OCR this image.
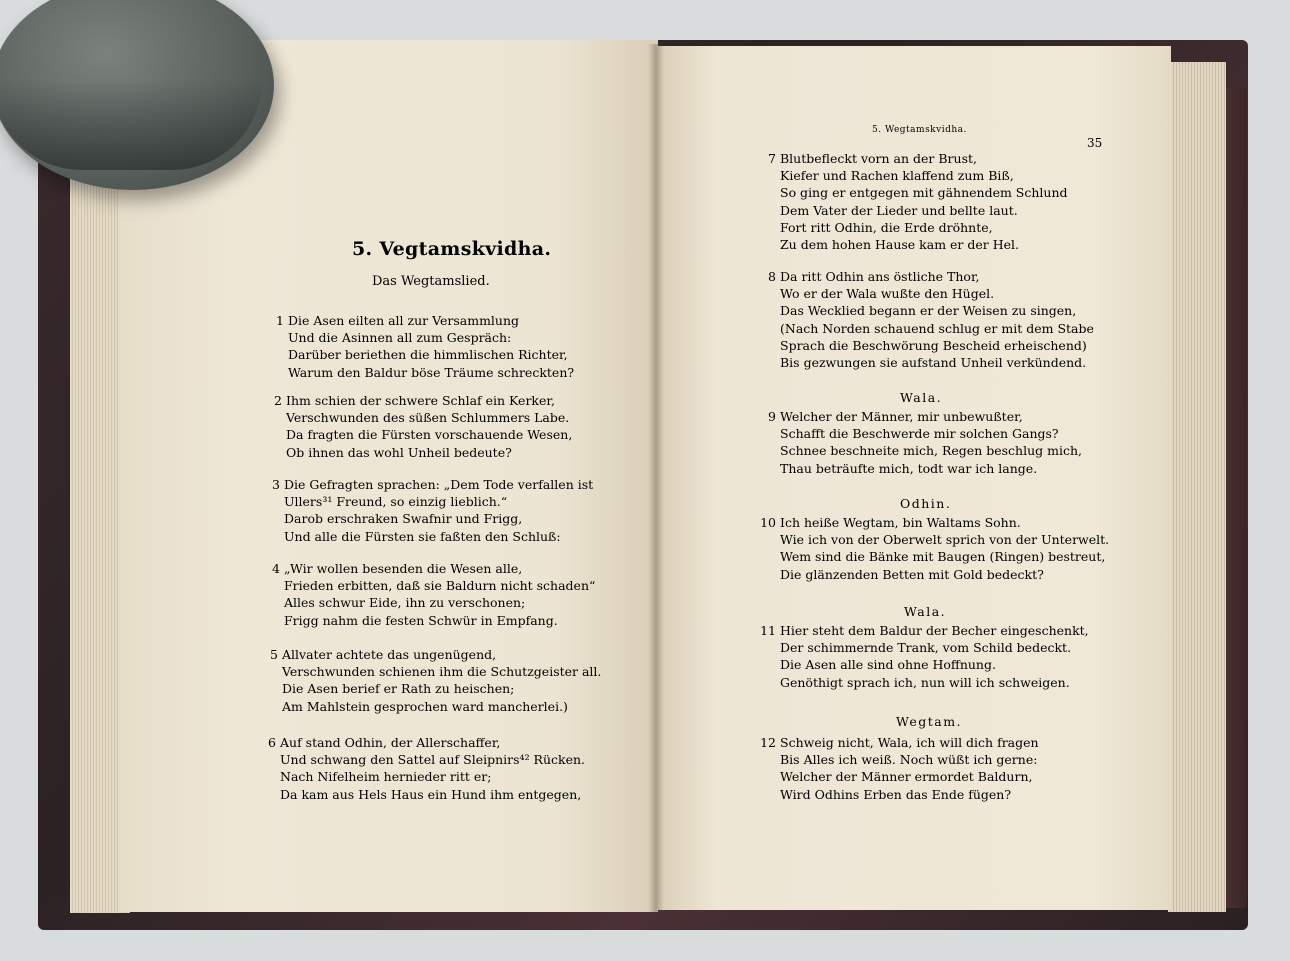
5. Vegtamskvidha.
Das Wegtamslied.
1 Die Asen eilten all zur Versammlung
Und die Asinnen all zum Gespräch:
Darüber beriethen die himmlischen Richter,
Warum den Baldur böse Träume schreckten?
2 Ihm schien der schwere Schlaf ein Kerker,
Verschwunden des süßen Schlummers Labe.
Da fragten die Fürsten vorschauende Wesen,
Ob ihnen das wohl Unheil bedeute?
3 Die Gefragten sprachen: „Dem Tode verfallen ist
Ullers³¹ Freund, so einzig lieblich.“
Darob erschraken Swafnir und Frigg,
Und alle die Fürsten sie faßten den Schluß:
4 „Wir wollen besenden die Wesen alle,
Frieden erbitten, daß sie Baldurn nicht schaden“
Alles schwur Eide, ihn zu verschonen;
Frigg nahm die festen Schwür in Empfang.
5 Allvater achtete das ungenügend,
Verschwunden schienen ihm die Schutzgeister all.
Die Asen berief er Rath zu heischen;
Am Mahlstein gesprochen ward mancherlei.)
6 Auf stand Odhin, der Allerschaffer,
Und schwang den Sattel auf Sleipnirs⁴² Rücken.
Nach Nifelheim hernieder ritt er;
Da kam aus Hels Haus ein Hund ihm entgegen,
5. Wegtamskvidha.
35
7 Blutbefleckt vorn an der Brust,
Kiefer und Rachen klaffend zum Biß,
So ging er entgegen mit gähnendem Schlund
Dem Vater der Lieder und bellte laut.
Fort ritt Odhin, die Erde dröhnte,
Zu dem hohen Hause kam er der Hel.
8 Da ritt Odhin ans östliche Thor,
Wo er der Wala wußte den Hügel.
Das Wecklied begann er der Weisen zu singen,
(Nach Norden schauend schlug er mit dem Stabe
Sprach die Beschwörung Bescheid erheischend)
Bis gezwungen sie aufstand Unheil verkündend.
Wala.
9 Welcher der Männer, mir unbewußter,
Schafft die Beschwerde mir solchen Gangs?
Schnee beschneite mich, Regen beschlug mich,
Thau beträufte mich, todt war ich lange.
Odhin.
10 Ich heiße Wegtam, bin Waltams Sohn.
Wie ich von der Oberwelt sprich von der Unterwelt.
Wem sind die Bänke mit Baugen (Ringen) bestreut,
Die glänzenden Betten mit Gold bedeckt?
Wala.
11 Hier steht dem Baldur der Becher eingeschenkt,
Der schimmernde Trank, vom Schild bedeckt.
Die Asen alle sind ohne Hoffnung.
Genöthigt sprach ich, nun will ich schweigen.
Wegtam.
12 Schweig nicht, Wala, ich will dich fragen
Bis Alles ich weiß. Noch wüßt ich gerne:
Welcher der Männer ermordet Baldurn,
Wird Odhins Erben das Ende fügen?
